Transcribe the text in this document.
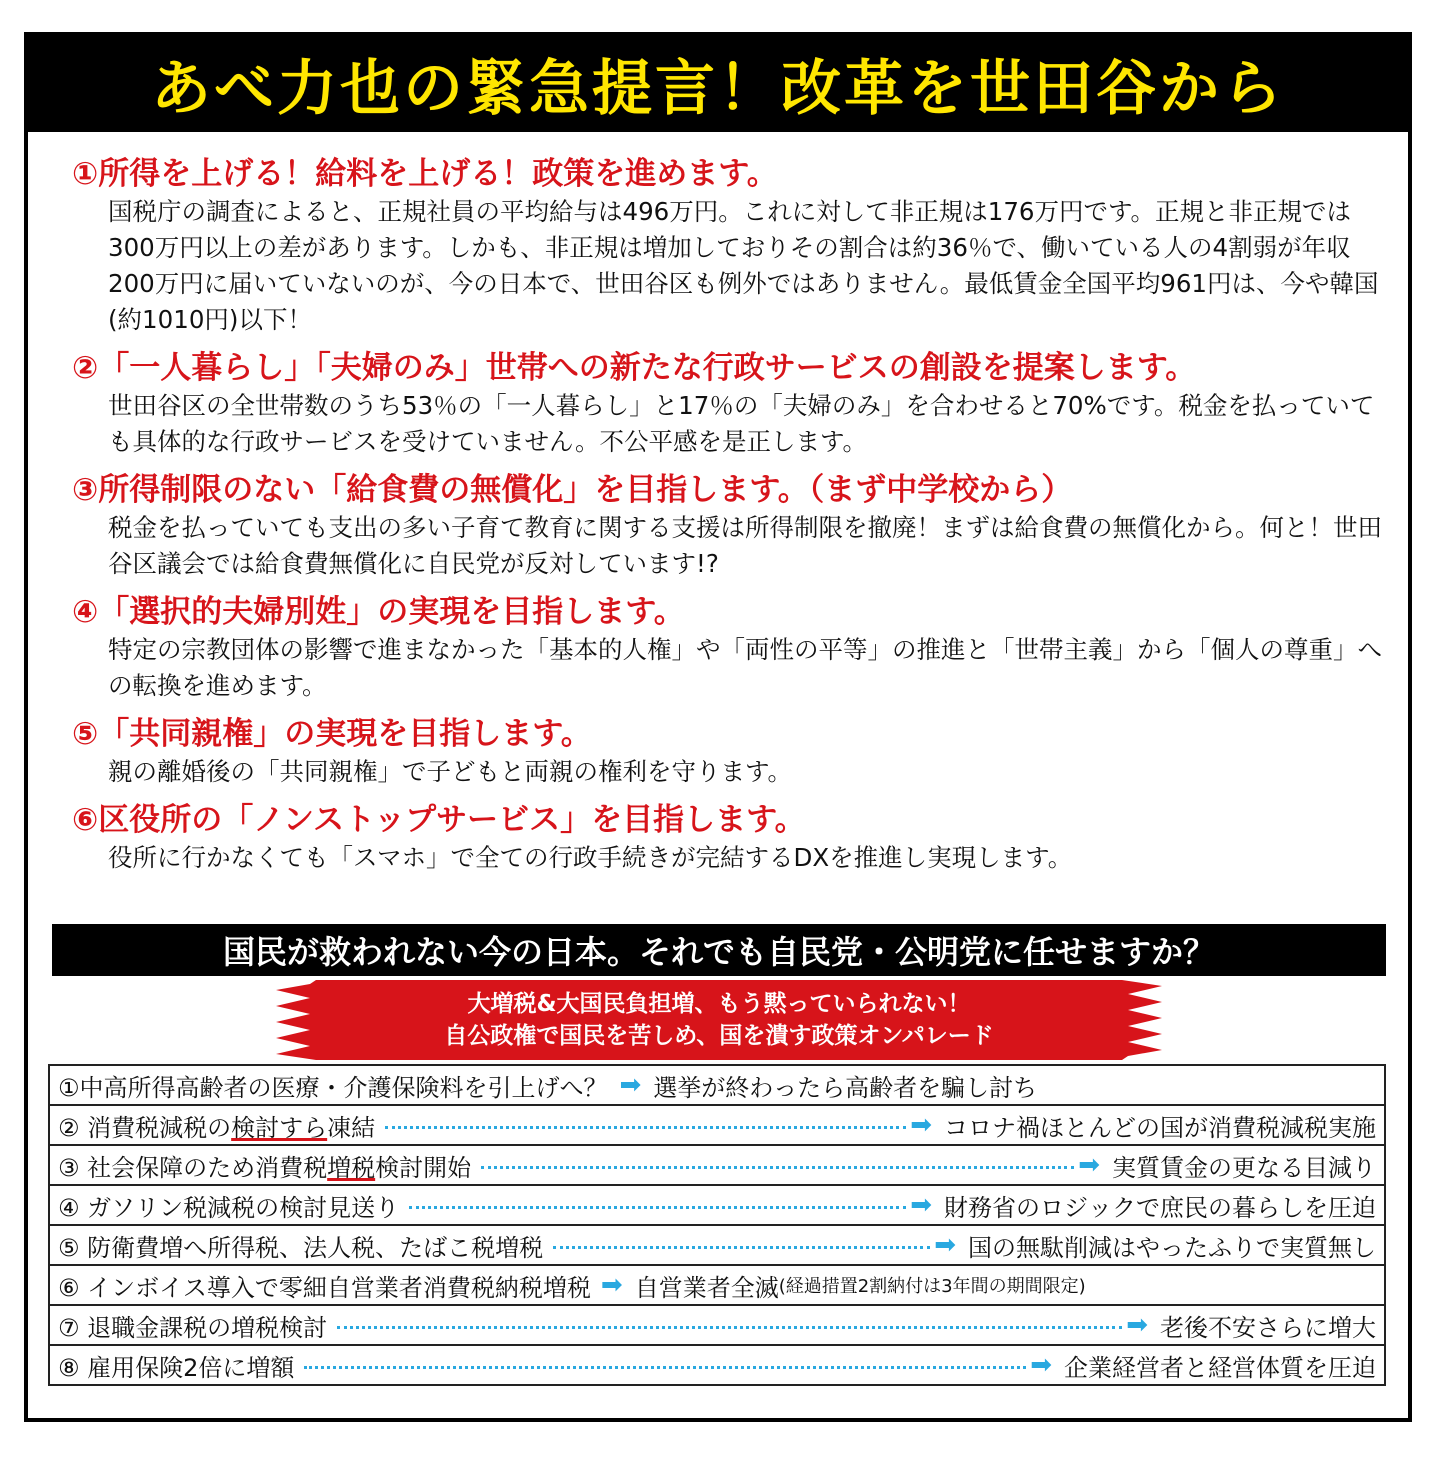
あべ力也の緊急提言！改革を世田谷から
①所得を上げる！給料を上げる！政策を進めます。
国税庁の調査によると、正規社員の平均給与は496万円。これに対して非正規は176万円です。正規と非正規では300万円以上の差があります。しかも、非正規は増加しておりその割合は約36％で、働いている人の4割弱が年収200万円に届いていないのが、今の日本で、世田谷区も例外ではありません。最低賃金全国平均961円は、今や韓国(約1010円)以下！
②「一人暮らし」「夫婦のみ」世帯への新たな行政サービスの創設を提案します。
世田谷区の全世帯数のうち53％の「一人暮らし」と17％の「夫婦のみ」を合わせると70%です。税金を払っていても具体的な行政サービスを受けていません。不公平感を是正します。
③所得制限のない「給食費の無償化」を目指します。（まず中学校から）
税金を払っていても支出の多い子育て教育に関する支援は所得制限を撤廃！まずは給食費の無償化から。何と！世田谷区議会では給食費無償化に自民党が反対しています!?
④「選択的夫婦別姓」の実現を目指します。
特定の宗教団体の影響で進まなかった「基本的人権」や「両性の平等」の推進と「世帯主義」から「個人の尊重」への転換を進めます。
⑤「共同親権」の実現を目指します。
親の離婚後の「共同親権」で子どもと両親の権利を守ります。
⑥区役所の「ノンストップサービス」を目指します。
役所に行かなくても「スマホ」で全ての行政手続きが完結するDXを推進し実現します。
国民が救われない今の日本。それでも自民党・公明党に任せますか？
大増税&大国民負担増、もう黙っていられない！
自公政権で国民を苦しめ、国を潰す政策オンパレード
①中高所得高齢者の医療・介護保険料を引上げへ？ ➡ 選挙が終わったら高齢者を騙し討ち

② 消費税減税の検討すら凍結	➡ コロナ禍ほとんどの国が消費税減税実施

③ 社会保障のため消費税増税検討開始	➡ 実質賃金の更なる目減り

④ ガソリン税減税の検討見送り	➡ 財務省のロジックで庶民の暮らしを圧迫

⑤ 防衛費増へ所得税、法人税、たばこ税増税	➡ 国の無駄削減はやったふりで実質無し

⑥ インボイス導入で零細自営業者消費税納税増税 ➡ 自営業者全滅 (経過措置2割納付は3年間の期間限定)

⑦ 退職金課税の増税検討	➡ 老後不安さらに増大

⑧ 雇用保険2倍に増額	➡ 企業経営者と経営体質を圧迫
